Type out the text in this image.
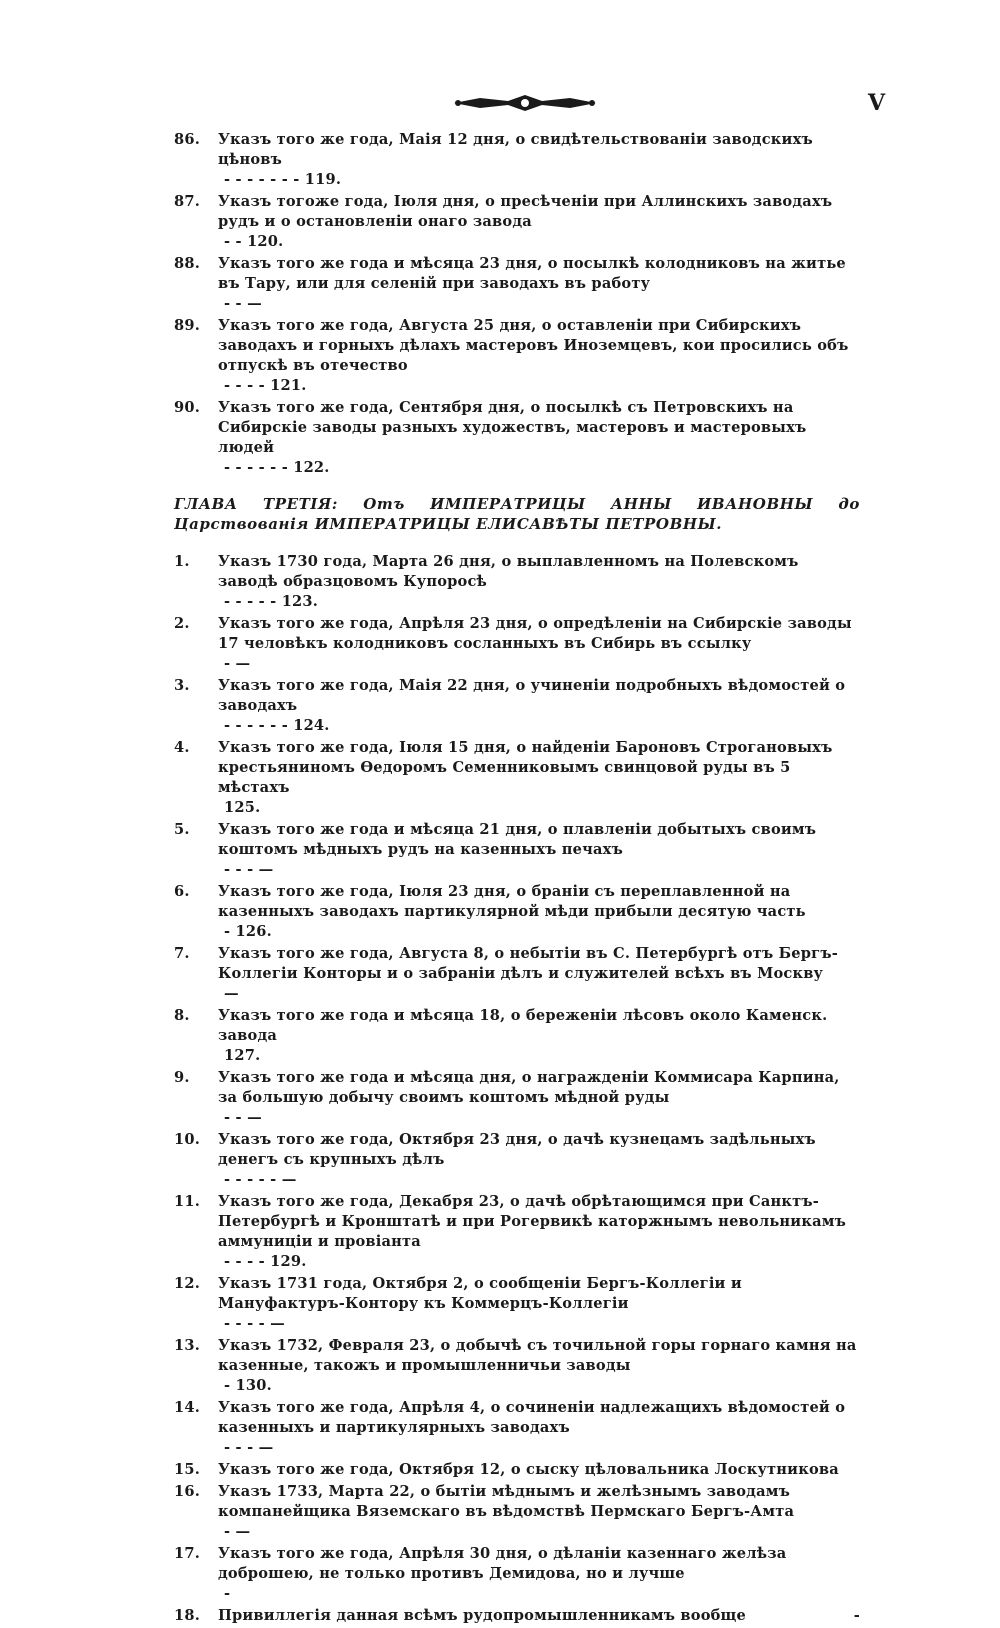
V
86.	Указъ того же года, Маія 12 дня, о свидѣтельствованіи заводскихъ цѣновъ
- - - - - - - 119.
87.	Указъ тогоже года, Іюля дня, о пресѣченіи при Аллинскихъ заводахъ рудъ и о остановленіи онаго завода
- - 120.
88.	Указъ того же года и мѣсяца 23 дня, о посылкѣ колодниковъ на житье въ Тару, или для селеній при заводахъ въ работу
- - —
89.	Указъ того же года, Августа 25 дня, о оставленіи при Сибирскихъ заводахъ и горныхъ дѣлахъ мастеровъ Иноземцевъ, кои просились объ отпускѣ въ отечество
- - - - 121.
90.	Указъ того же года, Сентября дня, о посылкѣ съ Петровскихъ на Сибирскіе заводы разныхъ художествъ, мастеровъ и мастеровыхъ людей
- - - - - - 122.
ГЛАВА ТРЕТІЯ: Отъ ИМПЕРАТРИЦЫ АННЫ ИВАНОВНЫ до Царствованія ИМПЕРАТРИЦЫ ЕЛИСАВѢТЫ ПЕТРОВНЫ.
1.	Указъ 1730 года, Марта 26 дня, о выплавленномъ на Полевскомъ заводѣ образцовомъ Купоросѣ
- - - - - 123.
2.	Указъ того же года, Апрѣля 23 дня, о опредѣленіи на Сибирскіе заводы 17 человѣкъ колодниковъ сосланныхъ въ Сибирь въ ссылку
- —
3.	Указъ того же года, Маія 22 дня, о учиненіи подробныхъ вѣдомостей о заводахъ
- - - - - - 124.
4.	Указъ того же года, Іюля 15 дня, о найденіи Бароновъ Строгановыхъ крестьяниномъ Ѳедоромъ Семенниковымъ свинцовой руды въ 5 мѣстахъ
125.
5.	Указъ того же года и мѣсяца 21 дня, о плавленіи добытыхъ своимъ коштомъ мѣдныхъ рудъ на казенныхъ печахъ
- - - —
6.	Указъ того же года, Іюля 23 дня, о браніи съ переплавленной на казенныхъ заводахъ партикулярной мѣди прибыли десятую часть
- 126.
7.	Указъ того же года, Августа 8, о небытіи въ С. Петербургѣ отъ Бергъ-Коллегіи Конторы и о забраніи дѣлъ и служителей всѣхъ въ Москву
—
8.	Указъ того же года и мѣсяца 18, о береженіи лѣсовъ около Каменск. завода
127.
9.	Указъ того же года и мѣсяца дня, о награжденіи Коммисара Карпина, за большую добычу своимъ коштомъ мѣдной руды
- - —
10.	Указъ того же года, Октября 23 дня, о дачѣ кузнецамъ задѣльныхъ денегъ съ крупныхъ дѣлъ
- - - - - —
11.	Указъ того же года, Декабря 23, о дачѣ обрѣтающимся при Санктъ-Петербургѣ и Кронштатѣ и при Рогервикѣ каторжнымъ невольникамъ аммуниціи и провіанта
- - - - 129.
12.	Указъ 1731 года, Октября 2, о сообщеніи Бергъ-Коллегіи и Мануфактуръ-Контору къ Коммерцъ-Коллегіи
- - - - —
13.	Указъ 1732, Февраля 23, о добычѣ съ точильной горы горнаго камня на казенные, такожъ и промышленничьи заводы
- 130.
14.	Указъ того же года, Апрѣля 4, о сочиненіи надлежащихъ вѣдомостей о казенныхъ и партикулярныхъ заводахъ
- - - —
15.	Указъ того же года, Октября 12, о сыску цѣловальника Лоскутникова
16.	Указъ 1733, Марта 22, о бытіи мѣднымъ и желѣзнымъ заводамъ компанейщика Вяземскаго въ вѣдомствѣ Пермскаго Бергъ-Амта
- —
17.	Указъ того же года, Апрѣля 30 дня, о дѣланіи казеннаго желѣза доброшею, не только противъ Демидова, но и лучше
-
18.	Привиллегія данная всѣмъ рудопромышленникамъ вообще	-
